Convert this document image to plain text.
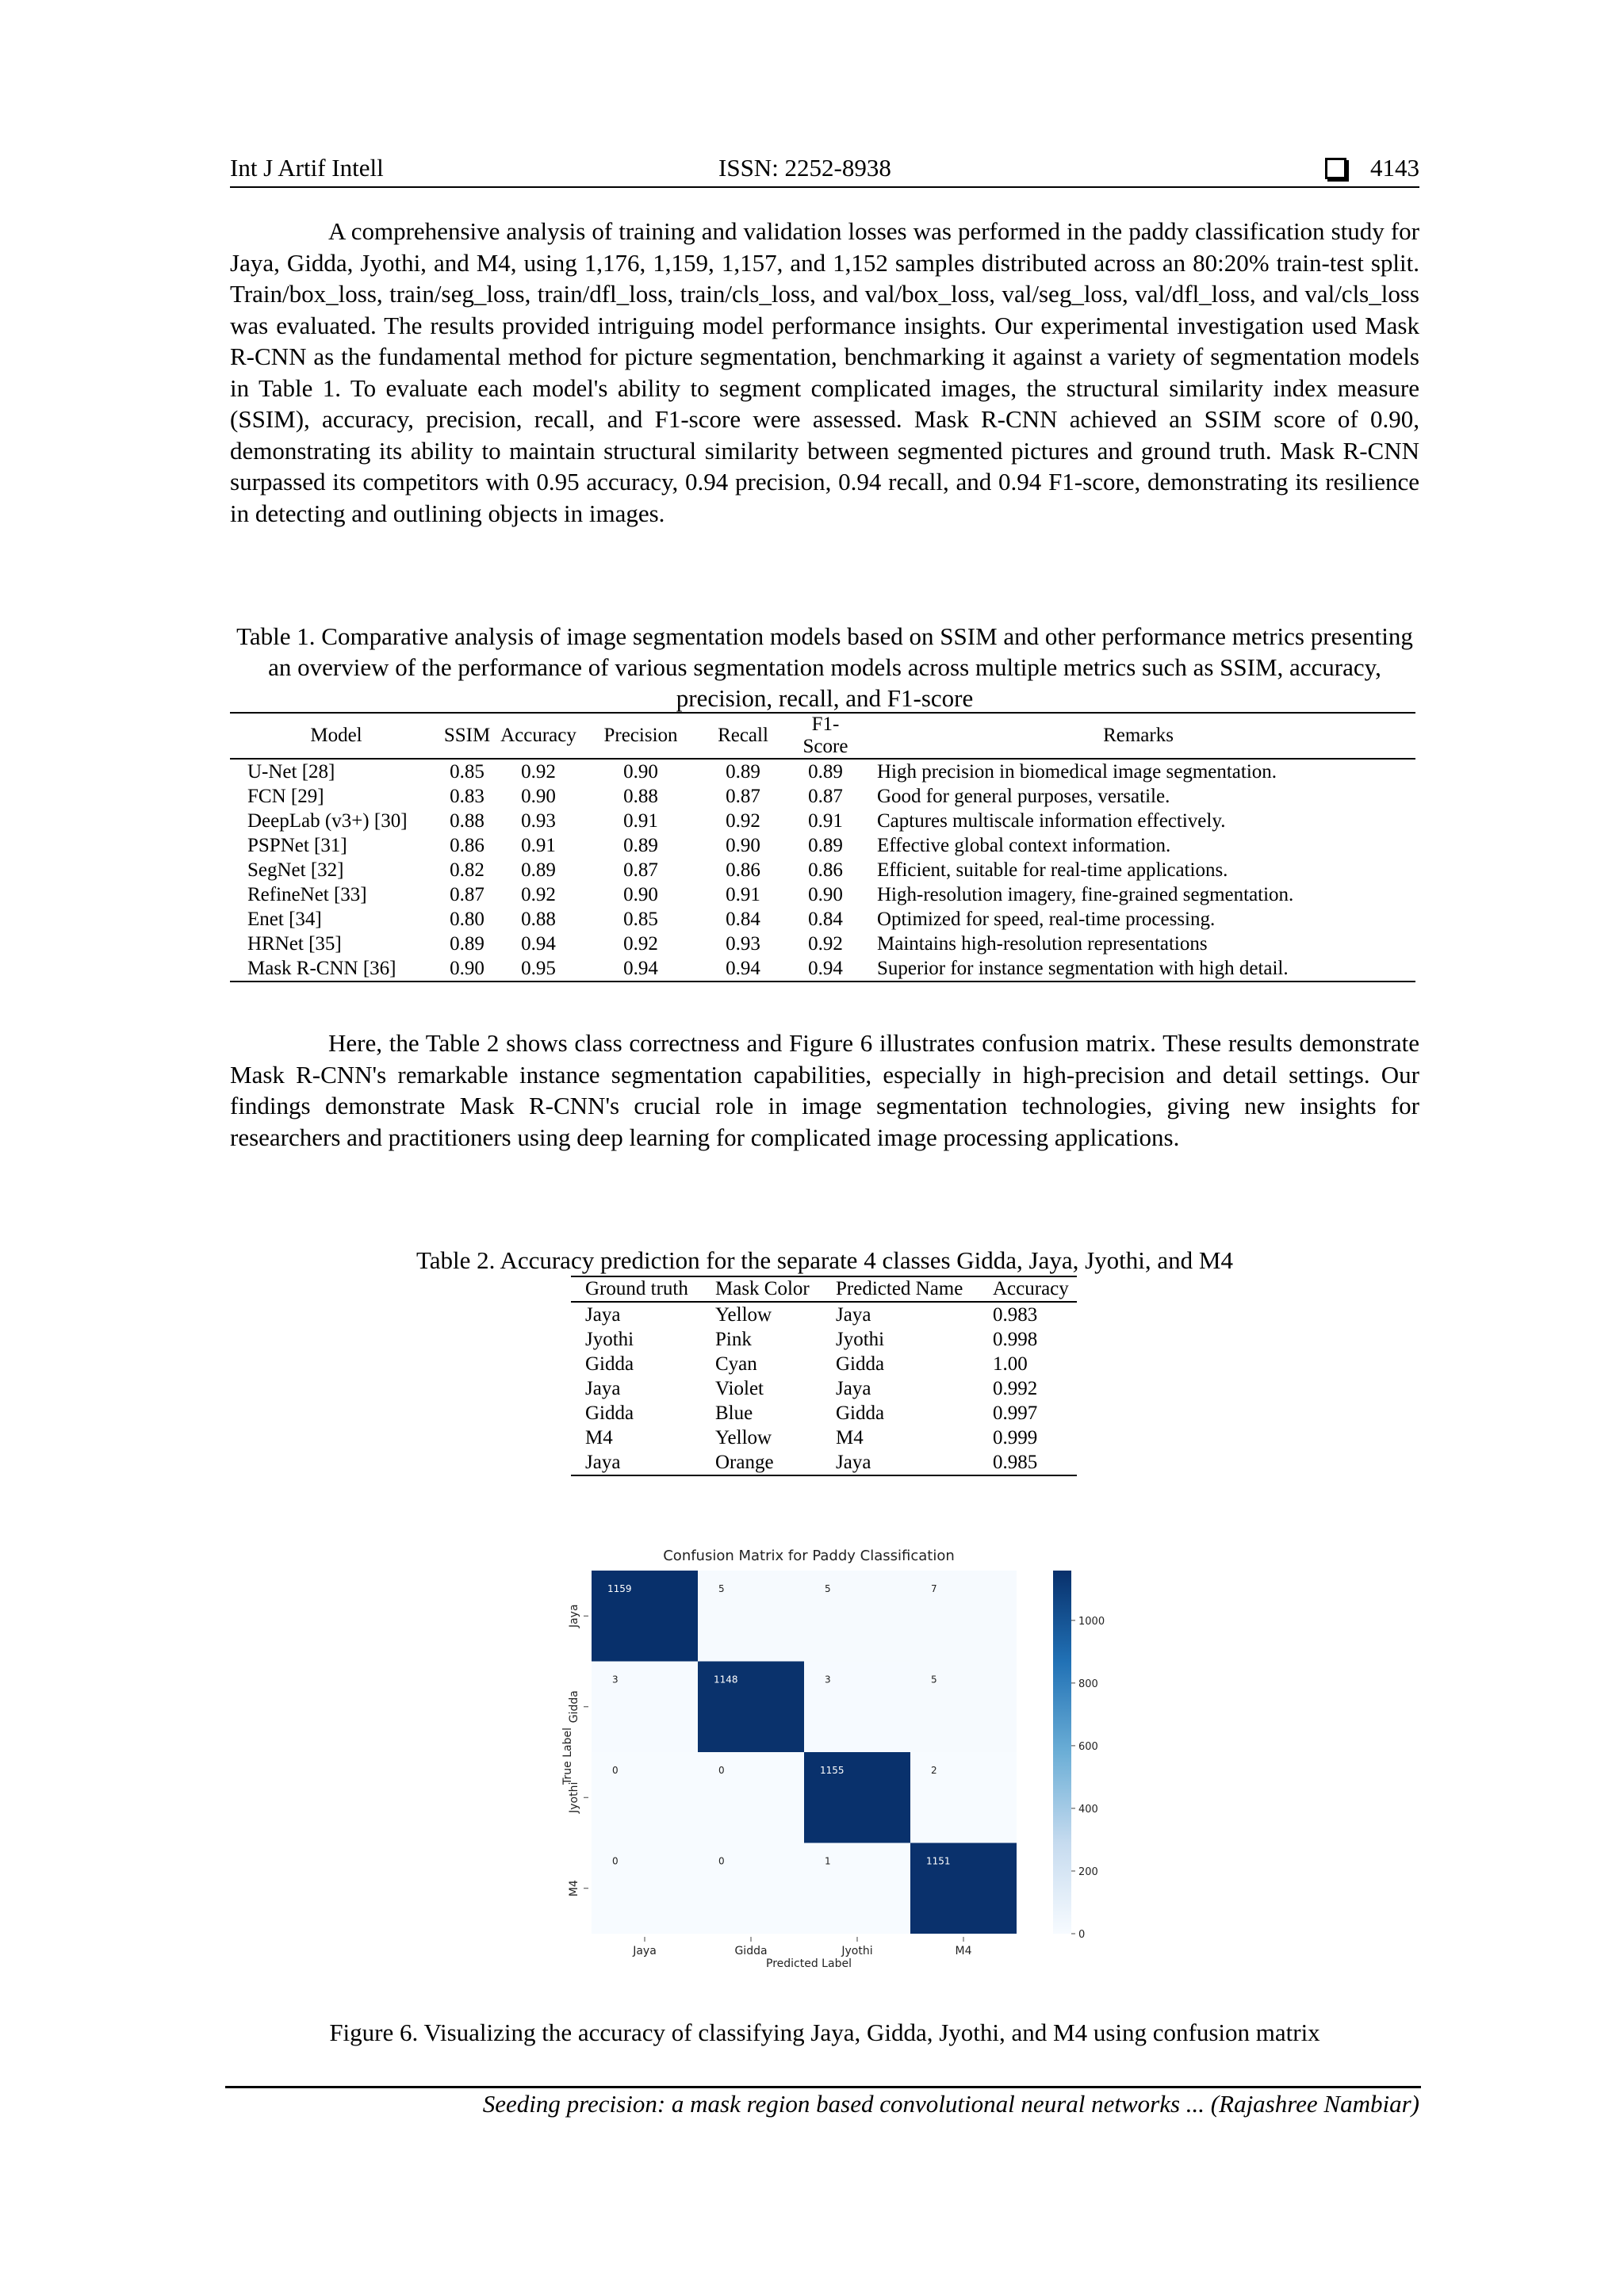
Int J Artif Intell	ISSN: 2252-8938	4143

A comprehensive analysis of training and validation losses was performed in the paddy classification study for Jaya, Gidda, Jyothi, and M4, using 1,176, 1,159, 1,157, and 1,152 samples distributed across an 80:20% train-test split. Train/box_loss, train/seg_loss, train/dfl_loss, train/cls_loss, and val/box_loss, val/seg_loss, val/dfl_loss, and val/cls_loss was evaluated. The results provided intriguing model performance insights. Our experimental investigation used Mask R-CNN as the fundamental method for picture segmentation, benchmarking it against a variety of segmentation models in Table 1. To evaluate each model's ability to segment complicated images, the structural similarity index measure (SSIM), accuracy, precision, recall, and F1-score were assessed. Mask R-CNN achieved an SSIM score of 0.90, demonstrating its ability to maintain structural similarity between segmented pictures and ground truth. Mask R-CNN surpassed its competitors with 0.95 accuracy, 0.94 precision, 0.94 recall, and 0.94 F1-score, demonstrating its resilience in detecting and outlining objects in images.

Table 1. Comparative analysis of image segmentation models based on SSIM and other performance metrics presenting an overview of the performance of various segmentation models across multiple metrics such as SSIM, accuracy, precision, recall, and F1-score

Model	SSIM	Accuracy	Precision	Recall	F1-Score	Remarks
U-Net [28]	0.85	0.92	0.90	0.89	0.89	High precision in biomedical image segmentation.
FCN [29]	0.83	0.90	0.88	0.87	0.87	Good for general purposes, versatile.
DeepLab (v3+) [30]	0.88	0.93	0.91	0.92	0.91	Captures multiscale information effectively.
PSPNet [31]	0.86	0.91	0.89	0.90	0.89	Effective global context information.
SegNet [32]	0.82	0.89	0.87	0.86	0.86	Efficient, suitable for real-time applications.
RefineNet [33]	0.87	0.92	0.90	0.91	0.90	High-resolution imagery, fine-grained segmentation.
Enet [34]	0.80	0.88	0.85	0.84	0.84	Optimized for speed, real-time processing.
HRNet [35]	0.89	0.94	0.92	0.93	0.92	Maintains high-resolution representations
Mask R-CNN [36]	0.90	0.95	0.94	0.94	0.94	Superior for instance segmentation with high detail.

Here, the Table 2 shows class correctness and Figure 6 illustrates confusion matrix. These results demonstrate Mask R-CNN's remarkable instance segmentation capabilities, especially in high-precision and detail settings. Our findings demonstrate Mask R-CNN's crucial role in image segmentation technologies, giving new insights for researchers and practitioners using deep learning for complicated image processing applications.

Table 2. Accuracy prediction for the separate 4 classes Gidda, Jaya, Jyothi, and M4

Ground truth	Mask Color	Predicted Name	Accuracy
Jaya	Yellow	Jaya	0.983
Jyothi	Pink	Jyothi	0.998
Gidda	Cyan	Gidda	1.00
Jaya	Violet	Jaya	0.992
Gidda	Blue	Gidda	0.997
M4	Yellow	M4	0.999
Jaya	Orange	Jaya	0.985
Confusion Matrix for Paddy Classification
1159	5	5	7
3	1148	3	5
0	0	1155	2
0	0	1	1151
Jaya	Gidda	Jyothi	M4
Jaya
Gidda
Jyothi
M4
Predicted Label
True Label
0
200
400
600
800
1000

Figure 6. Visualizing the accuracy of classifying Jaya, Gidda, Jyothi, and M4 using confusion matrix

Seeding precision: a mask region based convolutional neural networks ... (Rajashree Nambiar)
